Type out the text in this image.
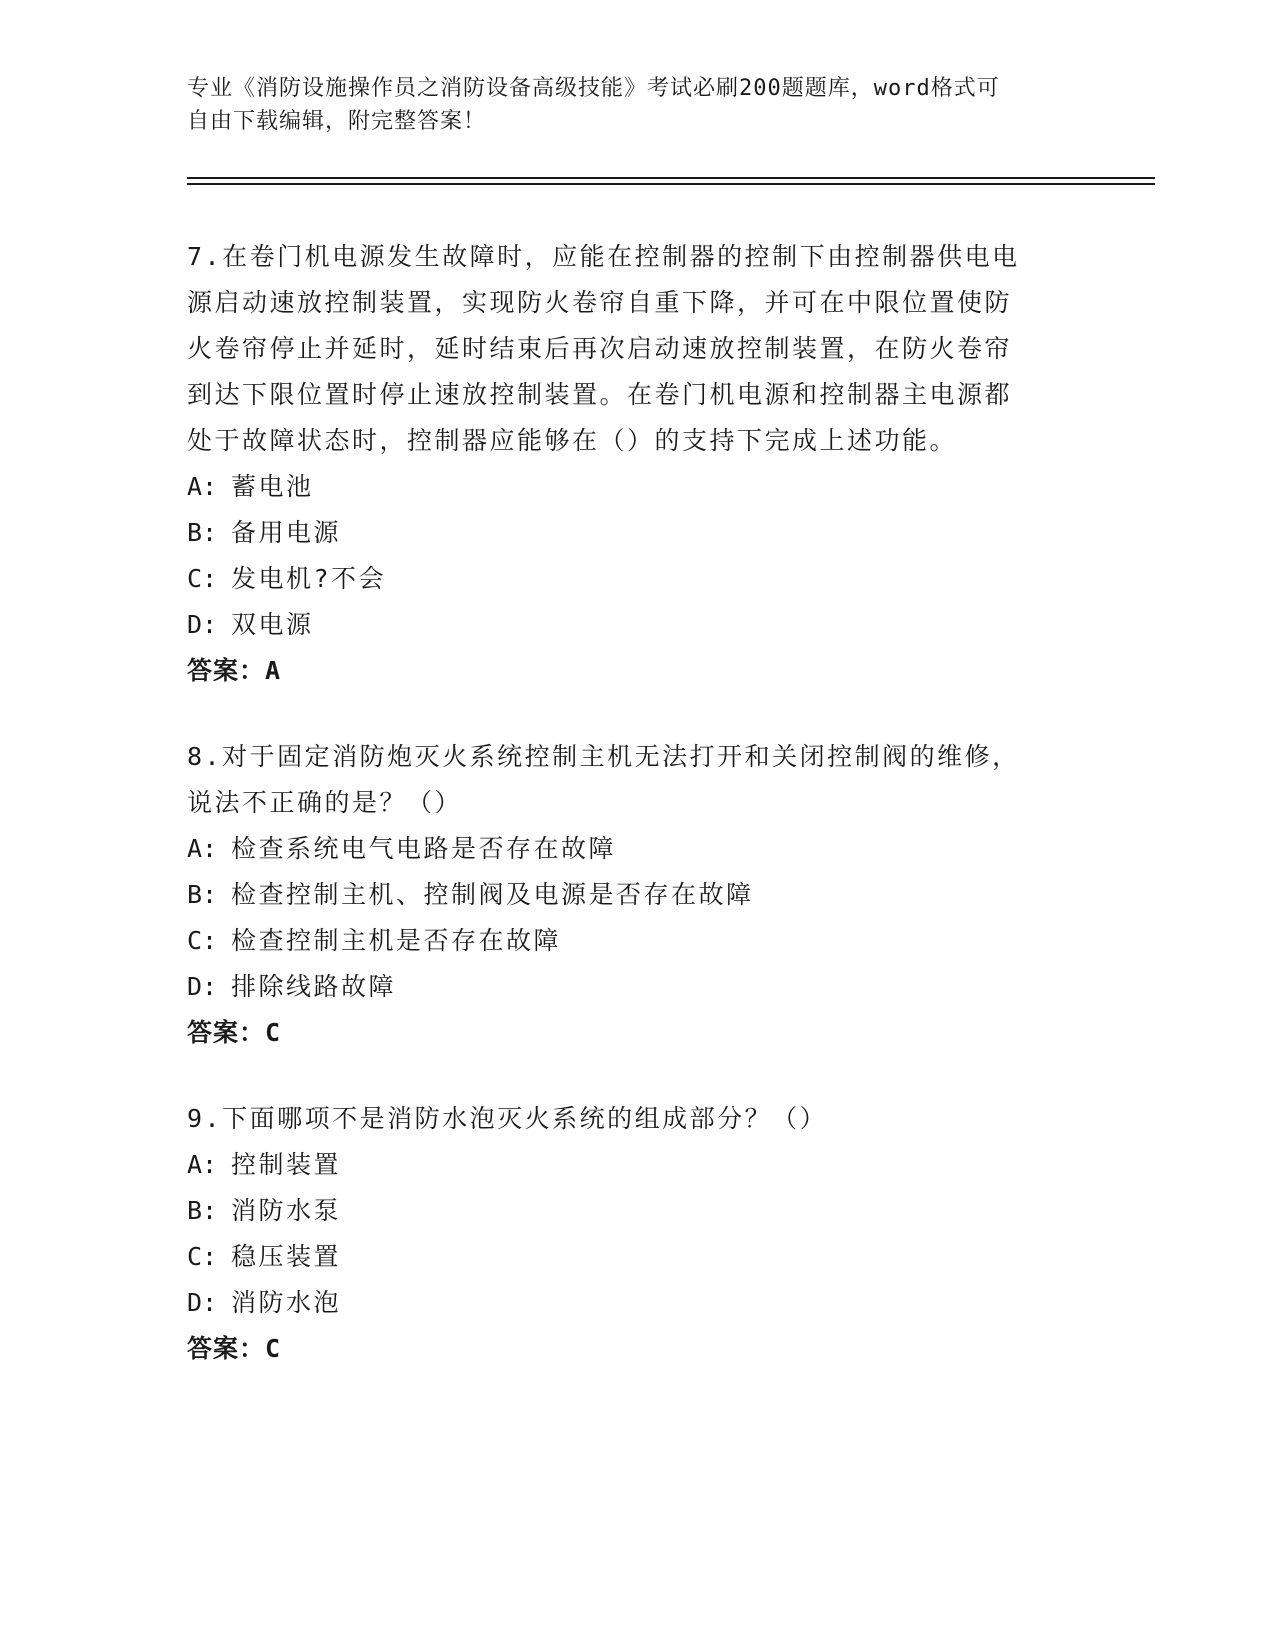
专业《消防设施操作员之消防设备高级技能》考试必刷200题题库，word格式可

自由下载编辑，附完整答案！

7.在卷门机电源发生故障时，应能在控制器的控制下由控制器供电电
源启动速放控制装置，实现防火卷帘自重下降，并可在中限位置使防
火卷帘停止并延时，延时结束后再次启动速放控制装置，在防火卷帘
到达下限位置时停止速放控制装置。在卷门机电源和控制器主电源都
处于故障状态时，控制器应能够在（）的支持下完成上述功能。

A: 蓄电池

B: 备用电源

C: 发电机?不会

D: 双电源

答案：A

8.对于固定消防炮灭火系统控制主机无法打开和关闭控制阀的维修，
说法不正确的是？（）

A: 检查系统电气电路是否存在故障

B: 检查控制主机、控制阀及电源是否存在故障

C: 检查控制主机是否存在故障

D: 排除线路故障

答案：C

9.下面哪项不是消防水泡灭火系统的组成部分？（）

A: 控制装置

B: 消防水泵

C: 稳压装置

D: 消防水泡

答案：C
